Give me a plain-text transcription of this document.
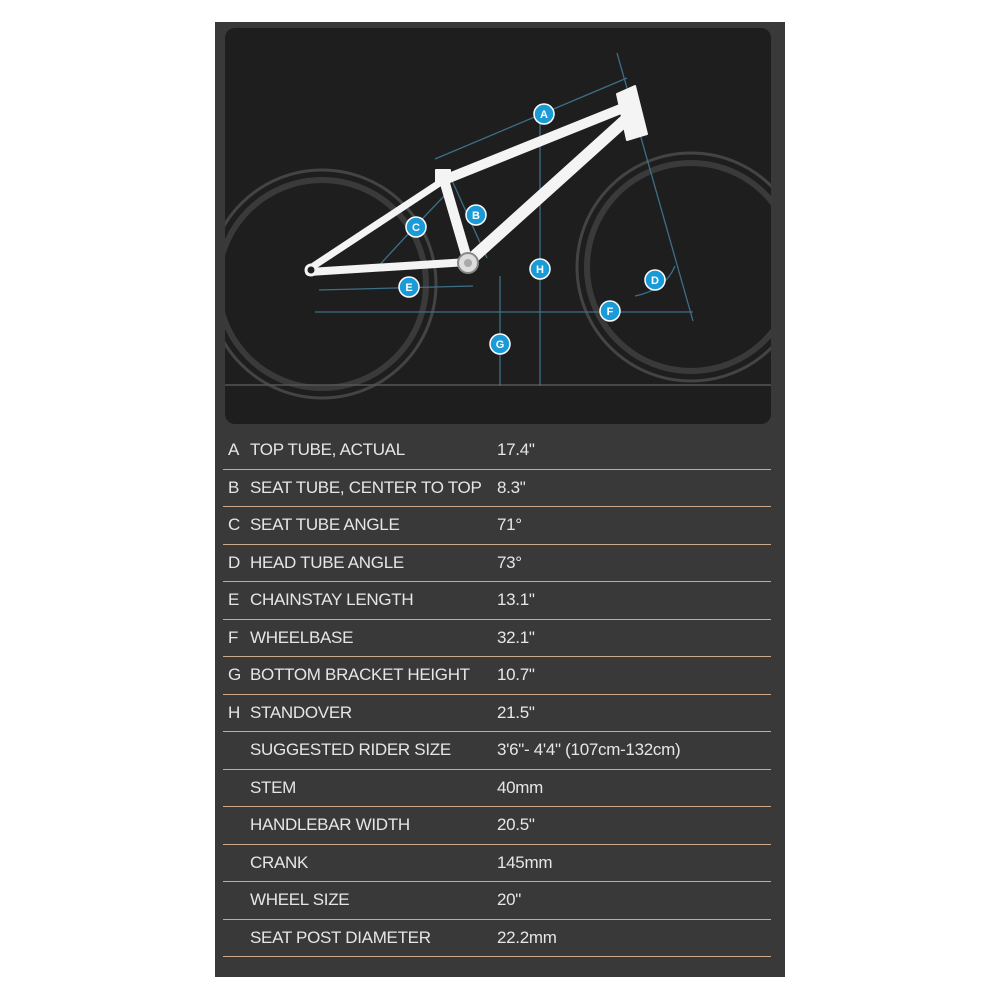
A
B
C
D
E
F
G
H
A TOP TUBE, ACTUAL	17.4"
B SEAT TUBE, CENTER TO TOP 8.3"
C SEAT TUBE ANGLE	71°
D HEAD TUBE ANGLE	73°
E CHAINSTAY LENGTH	13.1"
F WHEELBASE	32.1"
G BOTTOM BRACKET HEIGHT 10.7"
H STANDOVER	21.5"
SUGGESTED RIDER SIZE	3'6"- 4'4" (107cm-132cm)
STEM	40mm
HANDLEBAR WIDTH	20.5"
CRANK	145mm
WHEEL SIZE	20"
SEAT POST DIAMETER	22.2mm
